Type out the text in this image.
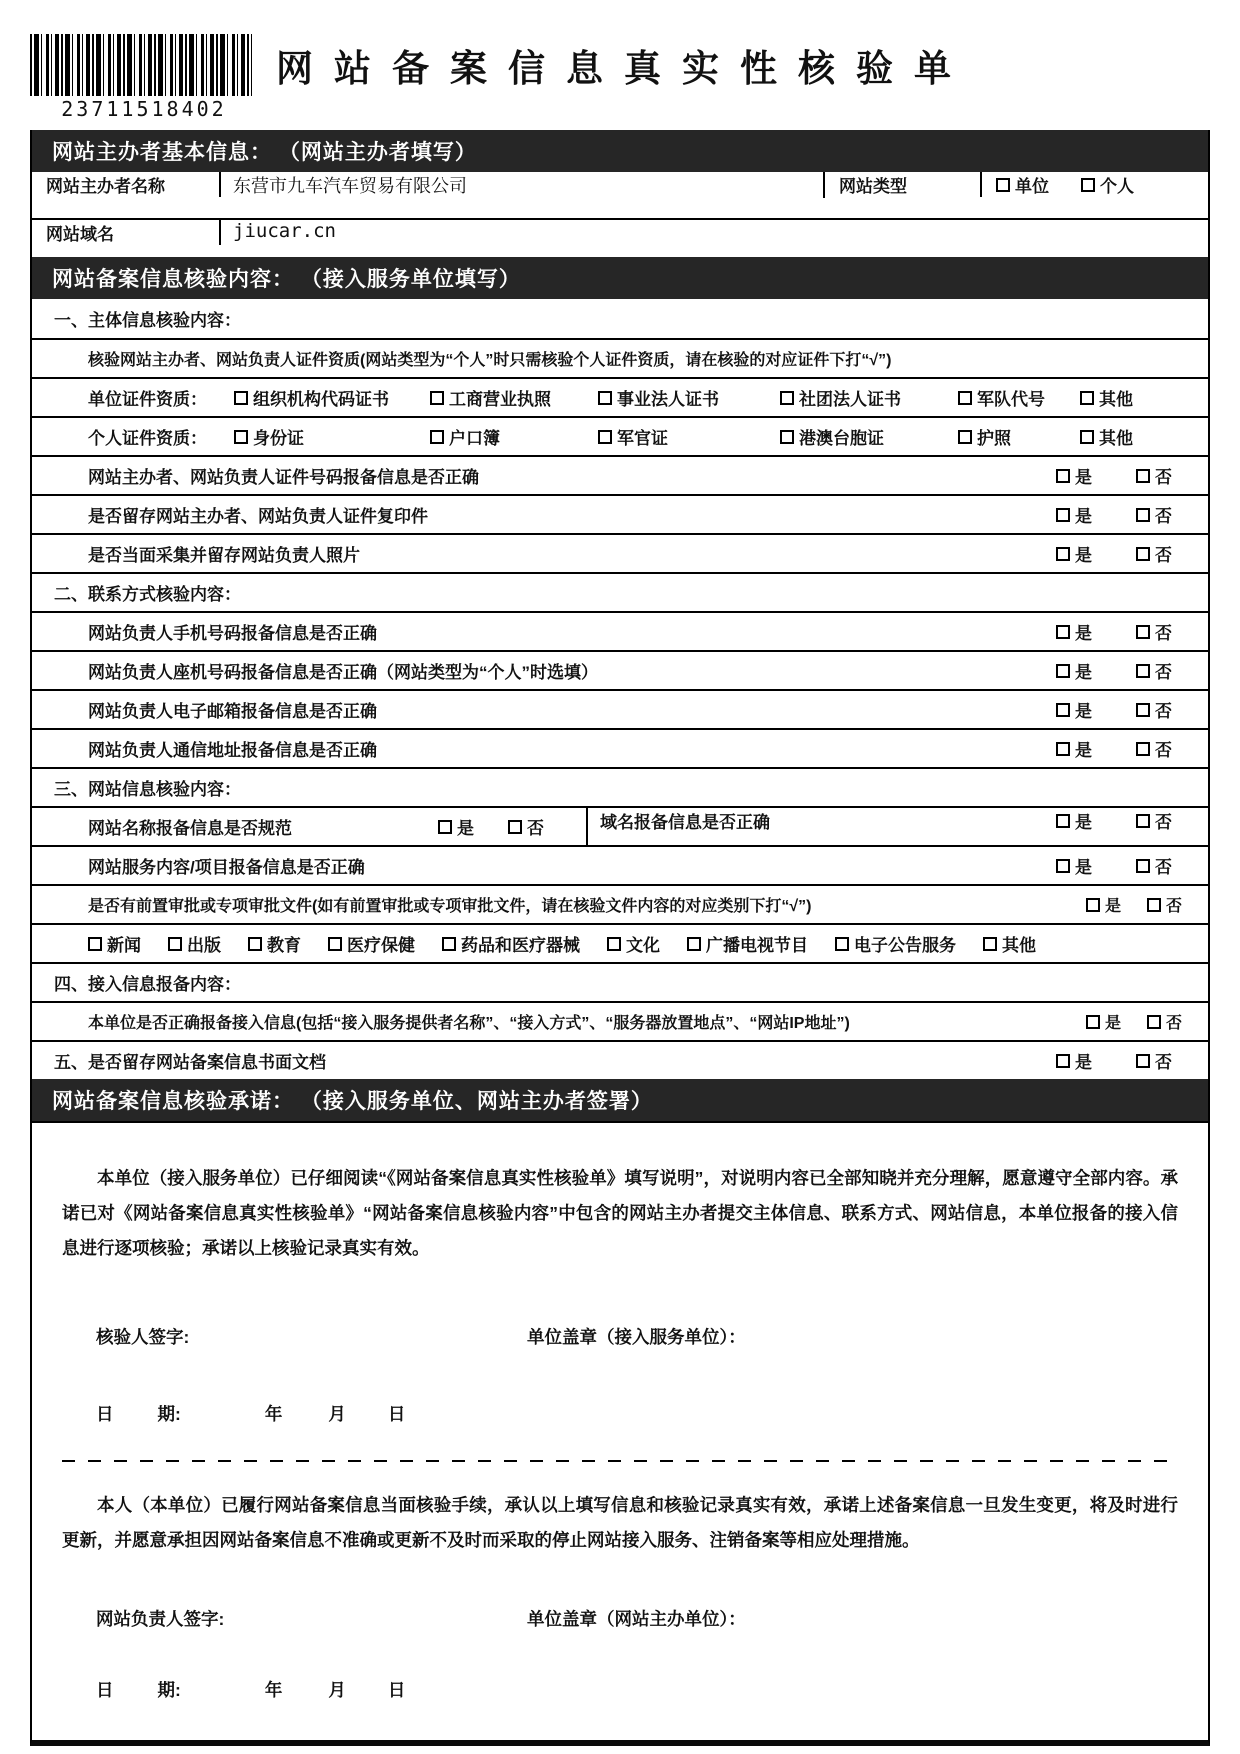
23711518402
网站备案信息真实性核验单
网站主办者基本信息： （网站主办者填写）
网站主办者名称	东营市九车汽车贸易有限公司	网站类型	单位	个人
网站域名	jiucar.cn
网站备案信息核验内容： （接入服务单位填写）
一、主体信息核验内容：
核验网站主办者、网站负责人证件资质(网站类型为“个人”时只需核验个人证件资质，请在核验的对应证件下打“√”)
单位证件资质：	组织机构代码证书	工商营业执照	事业法人证书	社团法人证书	军队代号	其他
个人证件资质：	身份证	户口簿	军官证	港澳台胞证	护照	其他
网站主办者、网站负责人证件号码报备信息是否正确	是	否
是否留存网站主办者、网站负责人证件复印件	是	否
是否当面采集并留存网站负责人照片	是	否
二、联系方式核验内容：
网站负责人手机号码报备信息是否正确	是	否
网站负责人座机号码报备信息是否正确（网站类型为“个人”时选填）	是	否
网站负责人电子邮箱报备信息是否正确	是	否
网站负责人通信地址报备信息是否正确	是	否
三、网站信息核验内容：
网站名称报备信息是否规范	是	否	域名报备信息是否正确	是	否
网站服务内容/项目报备信息是否正确	是	否
是否有前置审批或专项审批文件(如有前置审批或专项审批文件，请在核验文件内容的对应类别下打“√”)	是	否
新闻	出版	教育	医疗保健	药品和医疗器械	文化	广播电视节目	电子公告服务	其他
四、接入信息报备内容：
本单位是否正确报备接入信息(包括“接入服务提供者名称”、“接入方式”、“服务器放置地点”、“网站IP地址”)	是	否
五、是否留存网站备案信息书面文档	是	否
网站备案信息核验承诺： （接入服务单位、网站主办者签署）

本单位（接入服务单位）已仔细阅读“《网站备案信息真实性核验单》填写说明”，对说明内容已全部知晓并充分理解，愿意遵守全部内容。承诺已对《网站备案信息真实性核验单》“网站备案信息核验内容”中包含的网站主办者提交主体信息、联系方式、网站信息，本单位报备的接入信息进行逐项核验；承诺以上核验记录真实有效。

核验人签字:	单位盖章（接入服务单位）：
日	期:	年	月 日

本人（本单位）已履行网站备案信息当面核验手续，承认以上填写信息和核验记录真实有效，承诺上述备案信息一旦发生变更，将及时进行更新，并愿意承担因网站备案信息不准确或更新不及时而采取的停止网站接入服务、注销备案等相应处理措施。

网站负责人签字:	单位盖章（网站主办单位）：
日	期:	年	月 日
